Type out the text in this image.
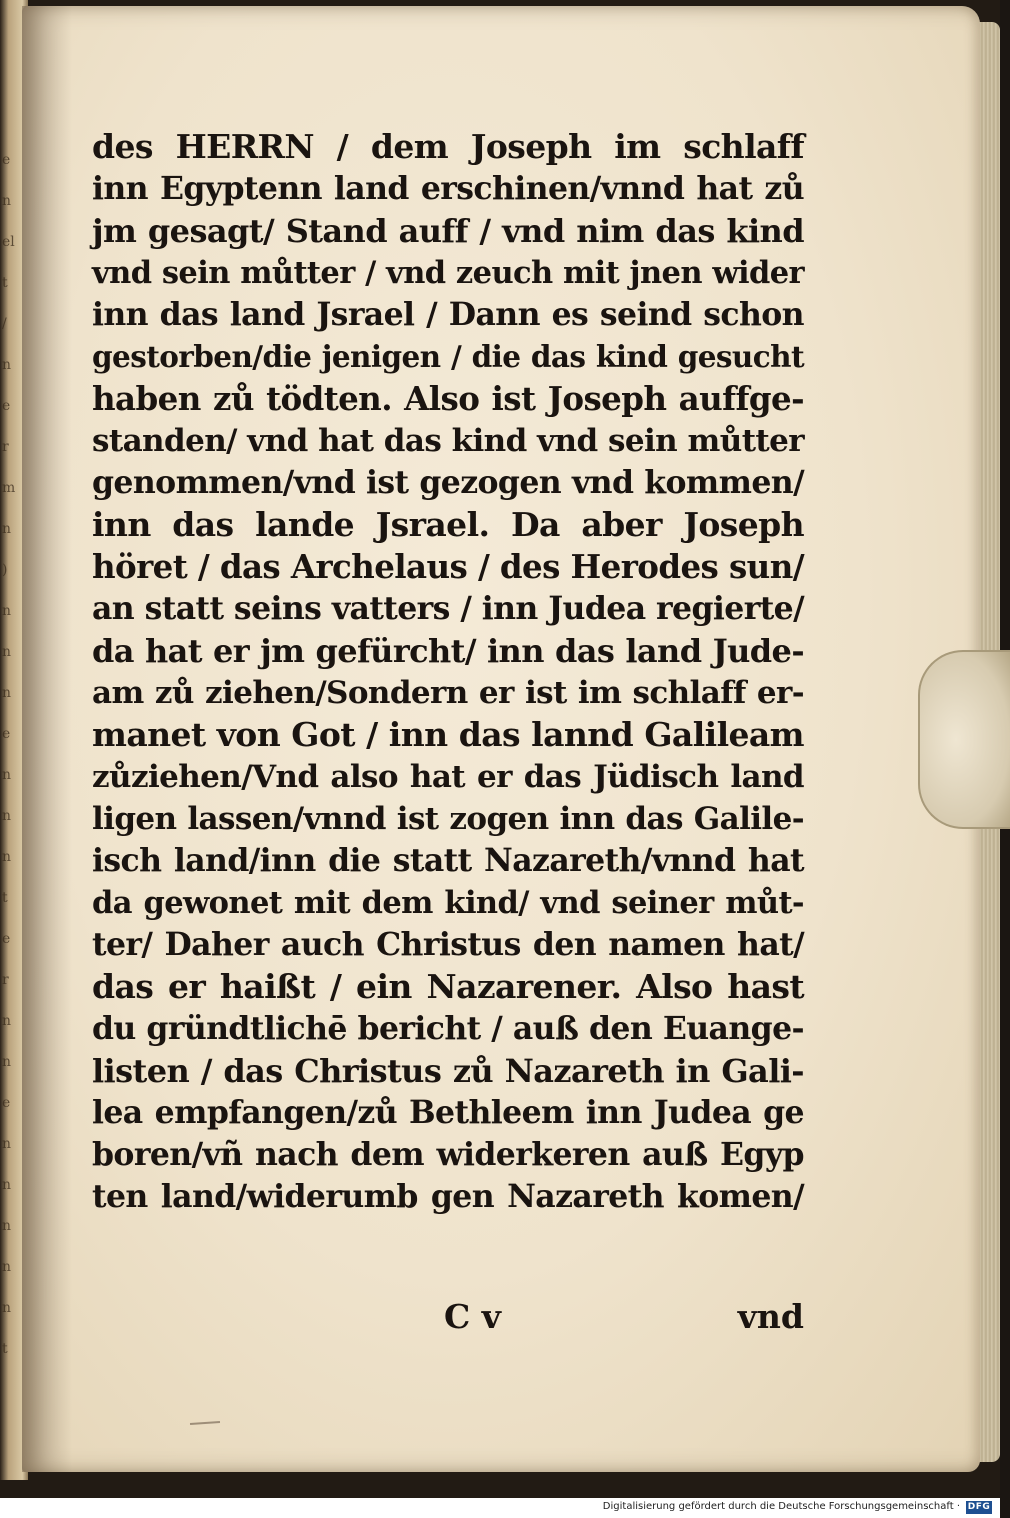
e
n
el
t
/
n
e
r
m
n
)
n
n
n
e
n
n
n
t
e
r
n
n
e
n
n
n
n
n
t
des HERRN / dem Joseph im schlaff
inn Egyptenn land erschinen/vnnd hat zů
jm gesagt/ Stand auff / vnd nim das kind
vnd sein můtter / vnd zeuch mit jnen wider
inn das land Jsrael / Dann es seind schon
gestorben/die jenigen / die das kind gesucht
haben zů tödten. Also ist Joseph auffge-
standen/ vnd hat das kind vnd sein můtter
genommen/vnd ist gezogen vnd kommen/
inn das lande Jsrael. Da aber Joseph
höret / das Archelaus / des Herodes sun/
an statt seins vatters / inn Judea regierte/
da hat er jm gefürcht/ inn das land Jude-
am zů ziehen/Sondern er ist im schlaff er-
manet von Got / inn das lannd Galileam
zůziehen/Vnd also hat er das Jüdisch land
ligen lassen/vnnd ist zogen inn das Galile-
isch land/inn die statt Nazareth/vnnd hat
da gewonet mit dem kind/ vnd seiner můt-
ter/ Daher auch Christus den namen hat/
das er haißt / ein Nazarener. Also hast
du gründtlichē bericht / auß den Euange-
listen / das Christus zů Nazareth in Gali-
lea empfangen/zů Bethleem inn Judea ge
boren/vñ nach dem widerkeren auß Egyp
ten land/widerumb gen Nazareth komen/
C v	vnd
Digitalisierung gefördert durch die Deutsche Forschungsgemeinschaft · DFG
